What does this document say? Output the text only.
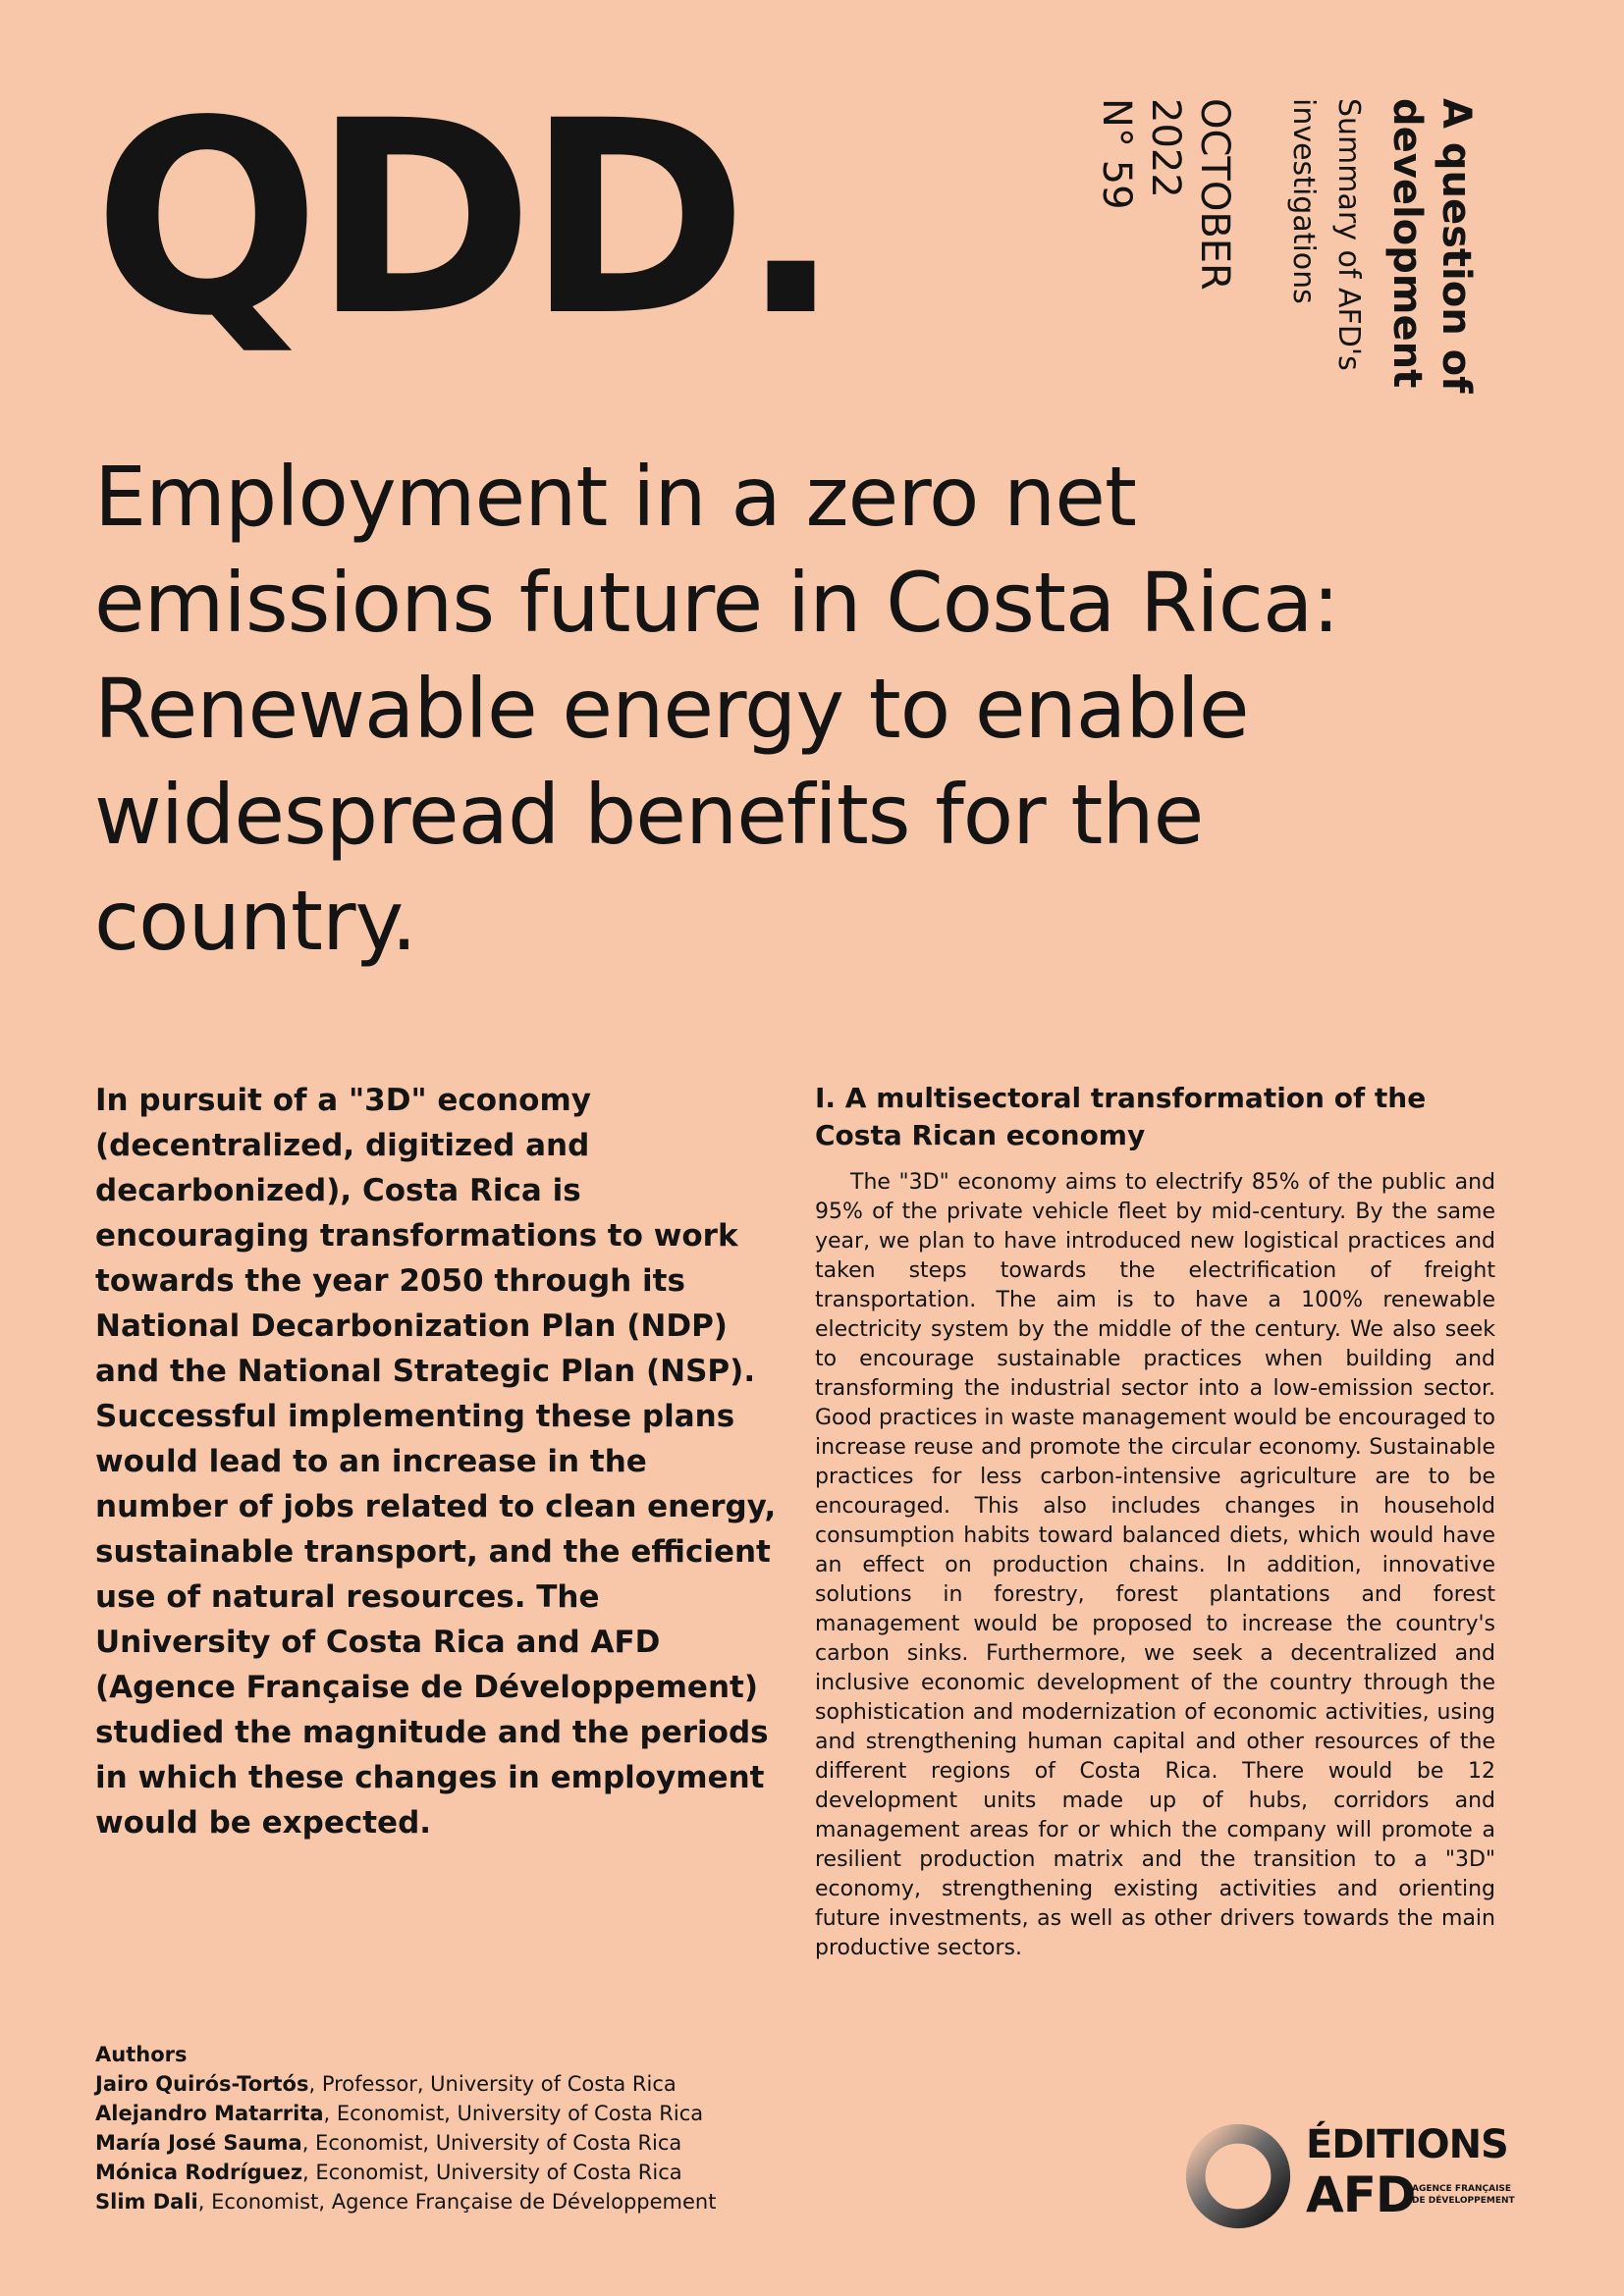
QDD.	A question of
development
Summary of AFD's
investigations
OCTOBER
2022
N° 59
Employment in a zero net emissions future in Costa Rica: Renewable energy to enable widespread benefits for the country.

In pursuit of a "3D" economy (decentralized, digitized and decarbonized), Costa Rica is encouraging transformations to work towards the year 2050 through its National Decarbonization Plan (NDP) and the National Strategic Plan (NSP). Successful implementing these plans would lead to an increase in the number of jobs related to clean energy, sustainable transport, and the efficient use of natural resources. The University of Costa Rica and AFD (Agence Française de Développement) studied the magnitude and the periods in which these changes in employment would be expected.

I. A multisectoral transformation of the Costa Rican economy

The "3D" economy aims to electrify 85% of the public and 95% of the private vehicle fleet by mid-century. By the same year, we plan to have introduced new logistical practices and taken steps towards the electrification of freight transportation. The aim is to have a 100% renewable electricity system by the middle of the century. We also seek to encourage sustainable practices when building and transforming the industrial sector into a low-emission sector. Good practices in waste management would be encouraged to increase reuse and promote the circular economy. Sustainable practices for less carbon-intensive agriculture are to be encouraged. This also includes changes in household consumption habits toward balanced diets, which would have an effect on production chains. In addition, innovative solutions in forestry, forest plantations and forest management would be proposed to increase the country's carbon sinks. Furthermore, we seek a decentralized and inclusive economic development of the country through the sophistication and modernization of economic activities, using and strengthening human capital and other resources of the different regions of Costa Rica. There would be 12 development units made up of hubs, corridors and management areas for or which the company will promote a resilient production matrix and the transition to a "3D" economy, strengthening existing activities and orienting future investments, as well as other drivers towards the main productive sectors.

Authors
Jairo Quirós-Tortós, Professor, University of Costa Rica
Alejandro Matarrita, Economist, University of Costa Rica
María José Sauma, Economist, University of Costa Rica
Mónica Rodríguez, Economist, University of Costa Rica
Slim Dali, Economist, Agence Française de Développement
ÉDITIONS
AFD
AGENCE FRANÇAISE
DE DÉVELOPPEMENT
